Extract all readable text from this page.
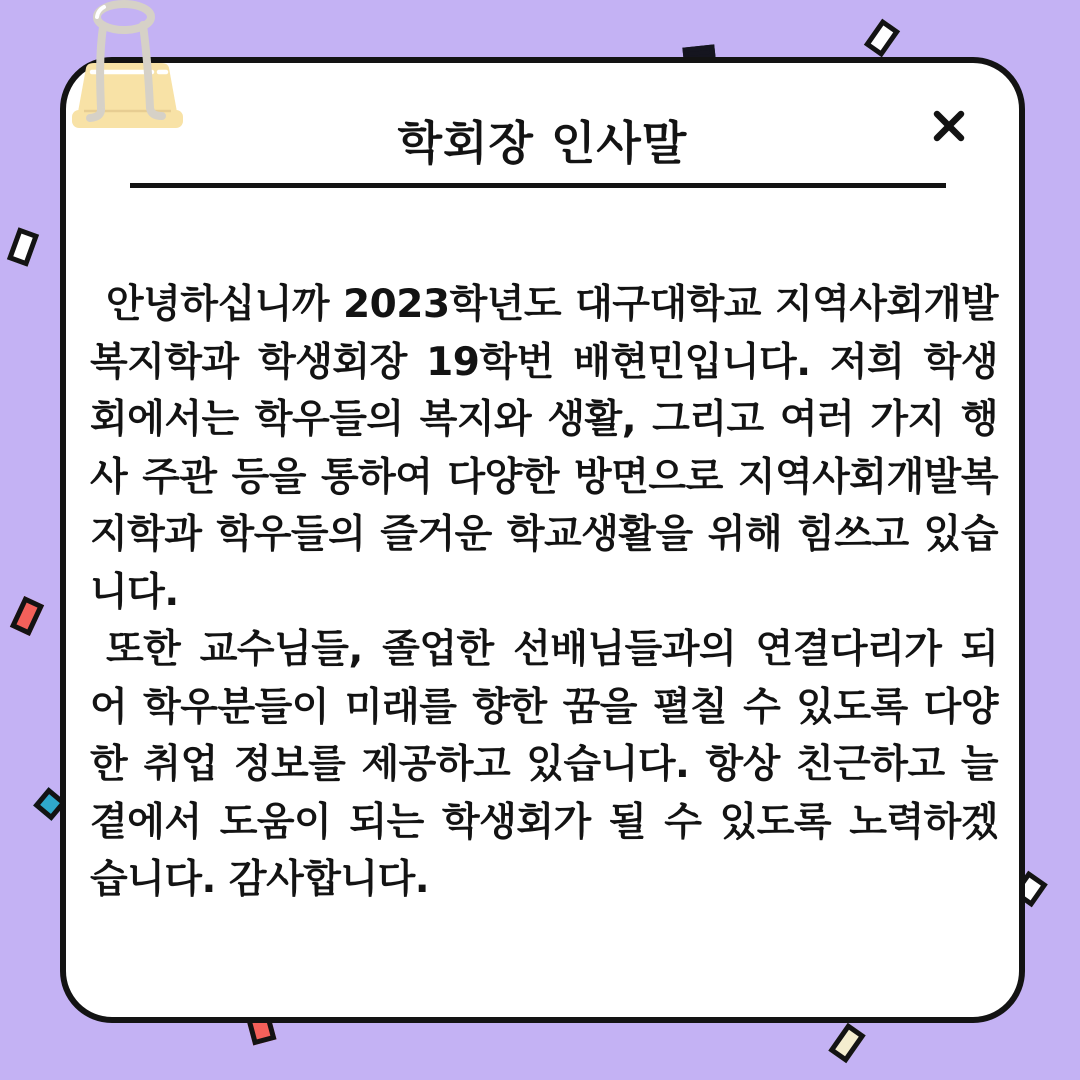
학회장 인사말

안녕하십니까 2023학년도 대구대학교 지역사회개발복지학과 학생회장 19학번 배현민입니다. 저희 학생회에서는 학우들의 복지와 생활, 그리고 여러 가지 행사 주관 등을 통하여 다양한 방면으로 지역사회개발복지학과 학우들의 즐거운 학교생활을 위해 힘쓰고 있습니다.

또한 교수님들, 졸업한 선배님들과의 연결다리가 되어 학우분들이 미래를 향한 꿈을 펼칠 수 있도록 다양한 취업 정보를 제공하고 있습니다. 항상 친근하고 늘 곁에서 도움이 되는 학생회가 될 수 있도록 노력하겠습니다. 감사합니다.
